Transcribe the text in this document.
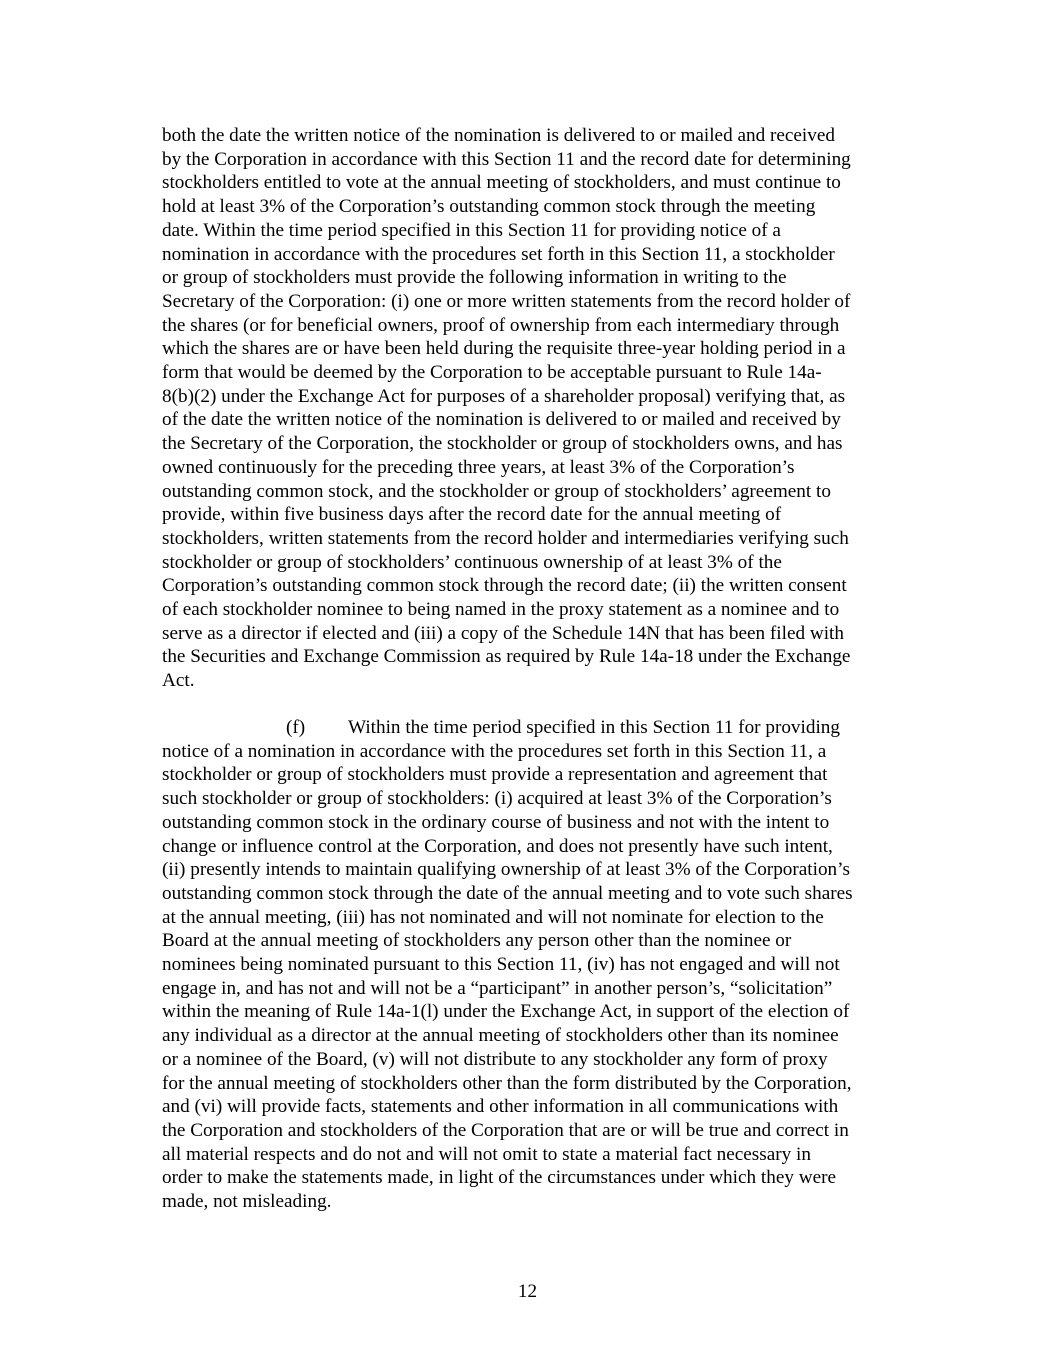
both the date the written notice of the nomination is delivered to or mailed and received
by the Corporation in accordance with this Section 11 and the record date for determining
stockholders entitled to vote at the annual meeting of stockholders, and must continue to
hold at least 3% of the Corporation’s outstanding common stock through the meeting
date. Within the time period specified in this Section 11 for providing notice of a
nomination in accordance with the procedures set forth in this Section 11, a stockholder
or group of stockholders must provide the following information in writing to the
Secretary of the Corporation: (i) one or more written statements from the record holder of
the shares (or for beneficial owners, proof of ownership from each intermediary through
which the shares are or have been held during the requisite three-year holding period in a
form that would be deemed by the Corporation to be acceptable pursuant to Rule 14a-
8(b)(2) under the Exchange Act for purposes of a shareholder proposal) verifying that, as
of the date the written notice of the nomination is delivered to or mailed and received by
the Secretary of the Corporation, the stockholder or group of stockholders owns, and has
owned continuously for the preceding three years, at least 3% of the Corporation’s
outstanding common stock, and the stockholder or group of stockholders’ agreement to
provide, within five business days after the record date for the annual meeting of
stockholders, written statements from the record holder and intermediaries verifying such
stockholder or group of stockholders’ continuous ownership of at least 3% of the
Corporation’s outstanding common stock through the record date; (ii) the written consent
of each stockholder nominee to being named in the proxy statement as a nominee and to
serve as a director if elected and (iii) a copy of the Schedule 14N that has been filed with
the Securities and Exchange Commission as required by Rule 14a-18 under the Exchange
Act.

(f) Within the time period specified in this Section 11 for providing
notice of a nomination in accordance with the procedures set forth in this Section 11, a
stockholder or group of stockholders must provide a representation and agreement that
such stockholder or group of stockholders: (i) acquired at least 3% of the Corporation’s
outstanding common stock in the ordinary course of business and not with the intent to
change or influence control at the Corporation, and does not presently have such intent,
(ii) presently intends to maintain qualifying ownership of at least 3% of the Corporation’s
outstanding common stock through the date of the annual meeting and to vote such shares
at the annual meeting, (iii) has not nominated and will not nominate for election to the
Board at the annual meeting of stockholders any person other than the nominee or
nominees being nominated pursuant to this Section 11, (iv) has not engaged and will not
engage in, and has not and will not be a “participant” in another person’s, “solicitation”
within the meaning of Rule 14a-1(l) under the Exchange Act, in support of the election of
any individual as a director at the annual meeting of stockholders other than its nominee
or a nominee of the Board, (v) will not distribute to any stockholder any form of proxy
for the annual meeting of stockholders other than the form distributed by the Corporation,
and (vi) will provide facts, statements and other information in all communications with
the Corporation and stockholders of the Corporation that are or will be true and correct in
all material respects and do not and will not omit to state a material fact necessary in
order to make the statements made, in light of the circumstances under which they were
made, not misleading.

12
